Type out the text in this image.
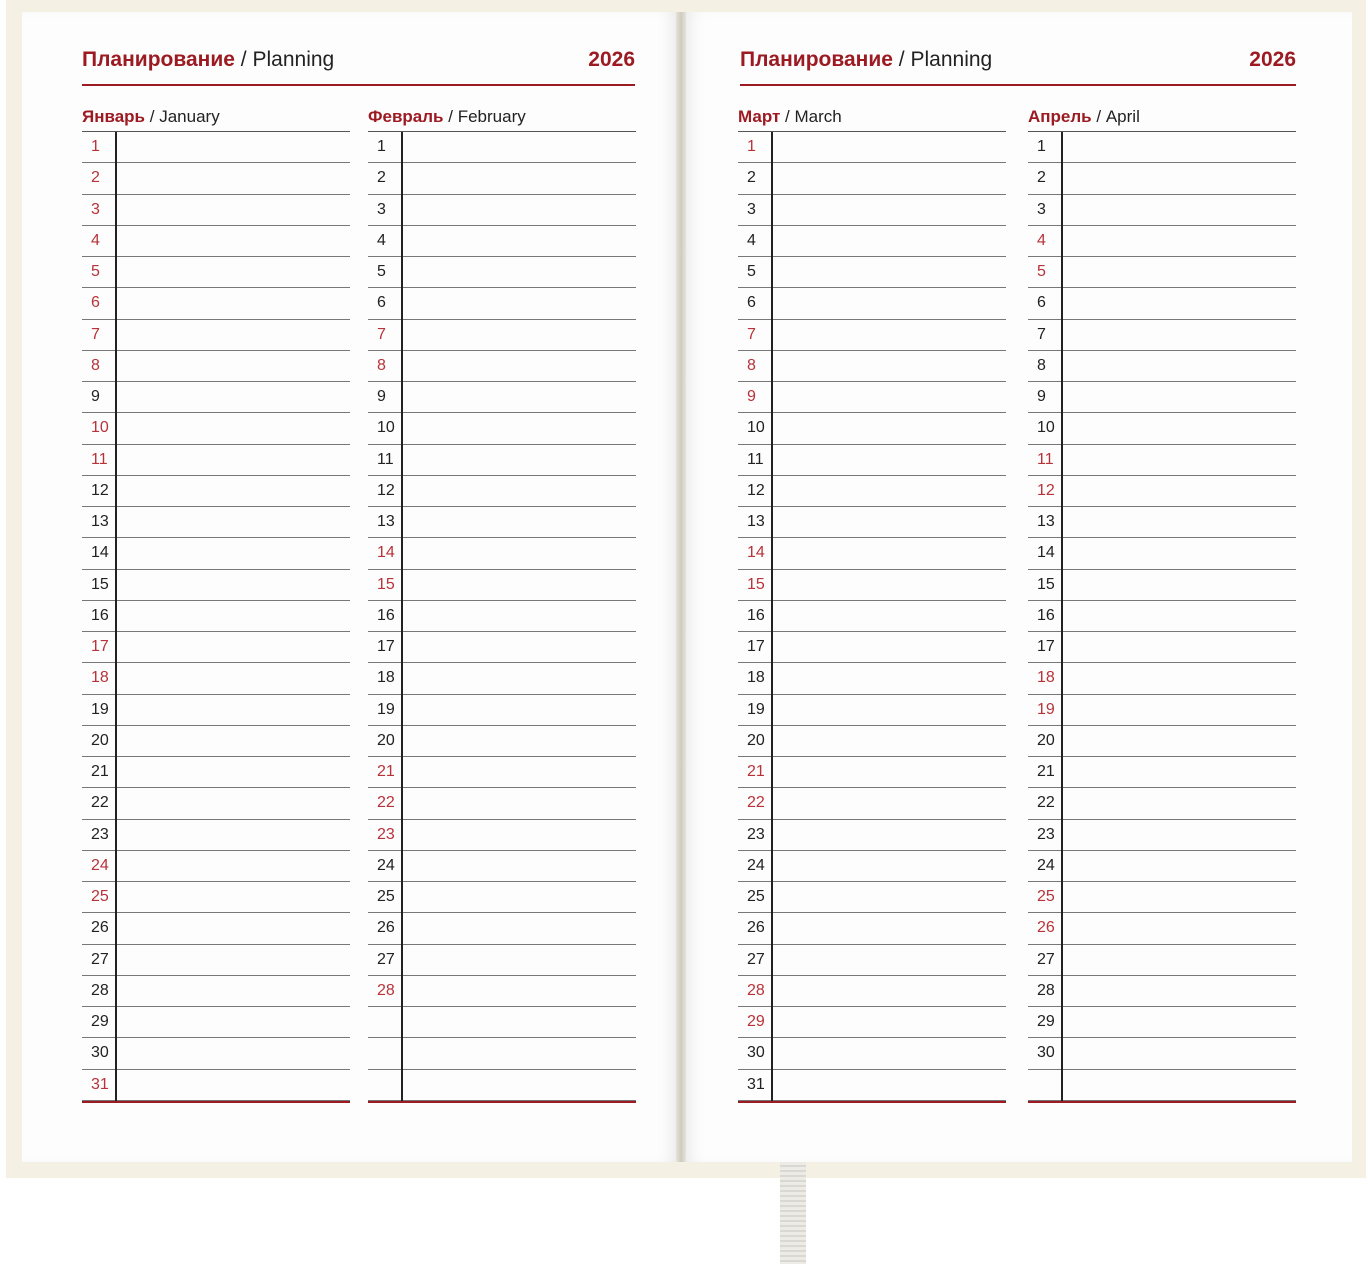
Планирование / Planning	2026	Планирование / Planning	2026
Январь / January
1
2
3
4
5
6
7
8
9
10
11
12
13
14
15
16
17
18
19
20
21
22
23
24
25
26
27
28
29
30
31
Февраль / February
1
2
3
4
5
6
7
8
9
10
11
12
13
14
15
16
17
18
19
20
21
22
23
24
25
26
27
28
Март / March
1
2
3
4
5
6
7
8
9
10
11
12
13
14
15
16
17
18
19
20
21
22
23
24
25
26
27
28
29
30
31
Апрель / April
1
2
3
4
5
6
7
8
9
10
11
12
13
14
15
16
17
18
19
20
21
22
23
24
25
26
27
28
29
30
